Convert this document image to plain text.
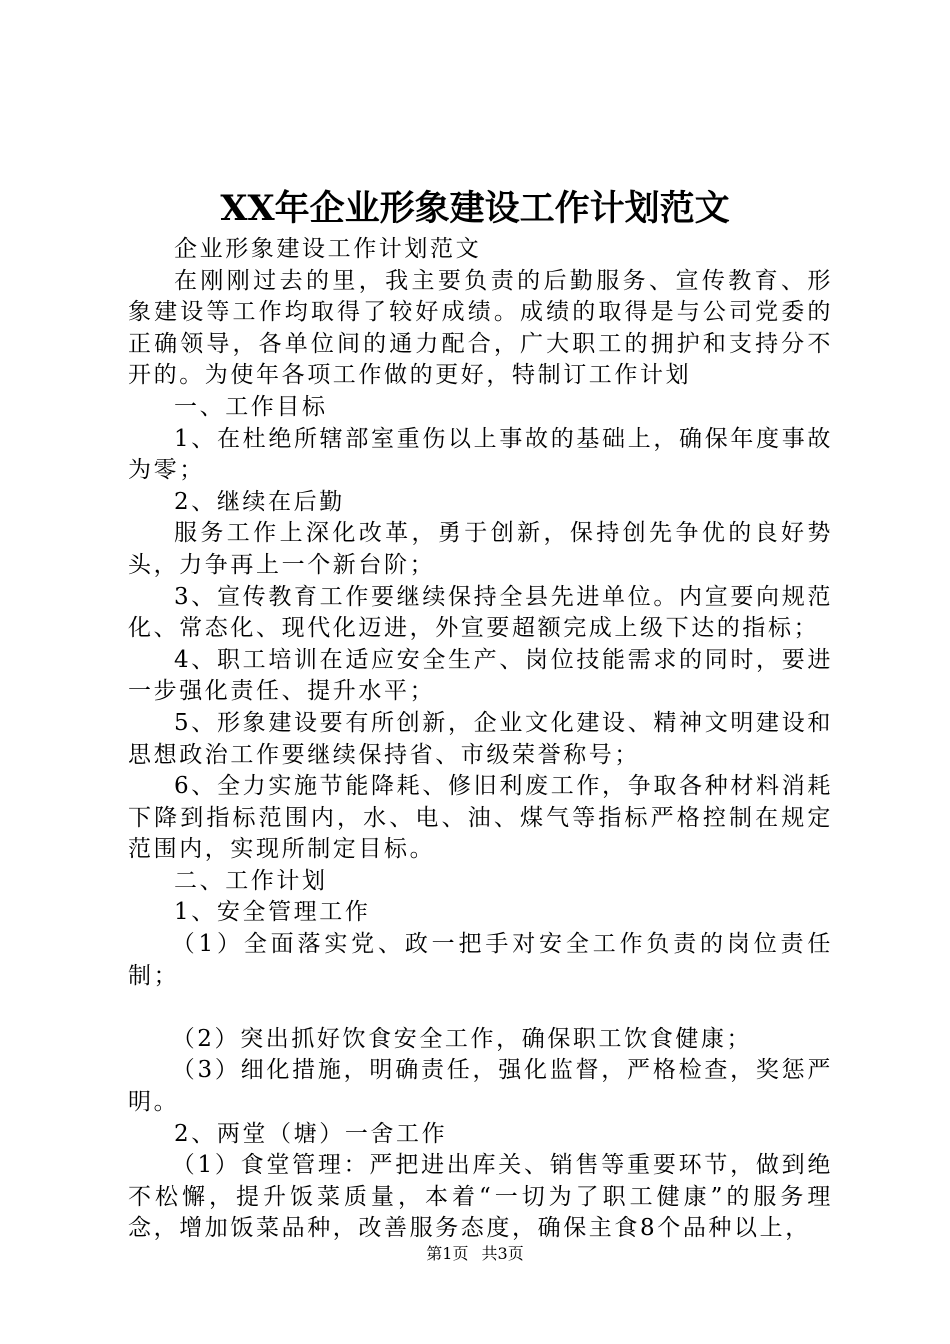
XX年企业形象建设工作计划范文

企业形象建设工作计划范文

在刚刚过去的里，我主要负责的后勤服务、宣传教育、形象建设等工作均取得了较好成绩。成绩的取得是与公司党委的正确领导，各单位间的通力配合，广大职工的拥护和支持分不开的。为使年各项工作做的更好，特制订工作计划

一、工作目标

1、在杜绝所辖部室重伤以上事故的基础上，确保年度事故为零；

2、继续在后勤

服务工作上深化改革，勇于创新，保持创先争优的良好势头，力争再上一个新台阶；

3、宣传教育工作要继续保持全县先进单位。内宣要向规范化、常态化、现代化迈进，外宣要超额完成上级下达的指标；

4、职工培训在适应安全生产、岗位技能需求的同时，要进一步强化责任、提升水平；

5、形象建设要有所创新，企业文化建设、精神文明建设和思想政治工作要继续保持省、市级荣誉称号；

6、全力实施节能降耗、修旧利废工作，争取各种材料消耗下降到指标范围内，水、电、油、煤气等指标严格控制在规定范围内，实现所制定目标。

二、工作计划

1、安全管理工作

（1）全面落实党、政一把手对安全工作负责的岗位责任制；

（2）突出抓好饮食安全工作，确保职工饮食健康；

（3）细化措施，明确责任，强化监督，严格检查，奖惩严明。

2、两堂（塘）一舍工作

（1）食堂管理：严把进出库关、销售等重要环节，做到绝不松懈，提升饭菜质量，本着“一切为了职工健康”的服务理念，增加饭菜品种，改善服务态度，确保主食8个品种以上，

第1页 共3页
